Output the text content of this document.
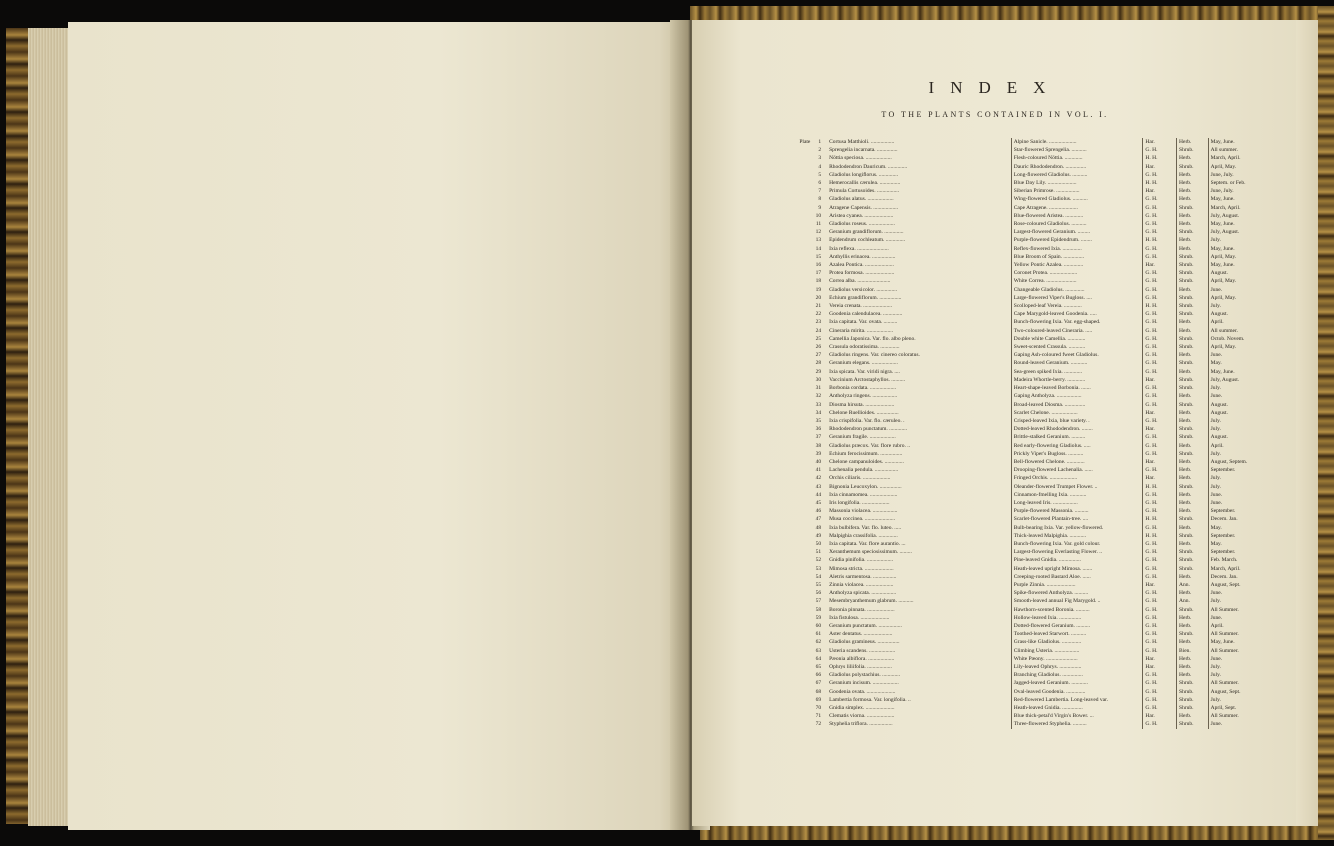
INDEX
TO THE PLANTS CONTAINED IN VOL. I.
Plate 1	Cortusa Matthioli. .................	Alpine Sanicle. ....................	Har.	Herb.	May, June.
2	Sprengelia incarnata. ...............	Star-flowered Sprengelia. ...........	G. H.	Shrub.	All summer.
3	Nöttia speciosa. ...................	Flesh-coloured Nöttia. .............	H. H.	Herb.	March, April.
4	Rhododendron Dauricum. ..............	Dauric Rhododendron. ...............	Har.	Shrub.	April, May.
5	Gladiolus longiflorus. ..............	Long-flowered Gladiolus. ...........	G. H.	Herb.	June, July.
6	Hemerocallis cærulea. ...............	Blue Day Lily. .....................	H. H.	Herb.	Septem. or Feb.
7	Primula Cortusoides. ................	Siberian Primrose. .................	Har.	Herb.	June, July.
8	Gladiolus alatus. ...................	Wing-flowered Gladiolus. ...........	G. H.	Herb.	May, June.
9	Atragene Capensis. ..................	Cape Atragene. .....................	G. H.	Shrub.	March, April.
10	Aristea cyanea. .....................	Blue-flowered Aristea. .............	G. H.	Herb.	July, August.
11	Gladiolus roseus. ...................	Rose-coloured Gladiolus. ...........	G. H.	Herb.	May, June.
12	Geranium grandiflorum. ..............	Largest-flowered Geranium. .........	G. H.	Shrub.	July, August.
13	Epidendrum cochleatum. ..............	Purple-flowered Epidendrum. ........	H. H.	Herb.	July.
14	Ixia reflexa. .......................	Reflex-flowered Ixia. ..............	G. H.	Herb.	May, June.
15	Anthyllis erinacea. .................	Blue Broom of Spain. ...............	G. H.	Shrub.	April, May.
16	Azalea Pontica. .....................	Yellow Pontic Azalea. ..............	Har.	Shrub.	May, June.
17	Protea formosa. .....................	Coronet Protea. ....................	G. H.	Shrub.	August.
18	Correa alba. ........................	White Correa. ......................	G. H.	Shrub.	April, May.
19	Gladiolus versicolor. ...............	Changeable Gladiolus. ..............	G. H.	Herb.	June.
20	Echium grandiflorum. ................	Large-flowered Viper's Bugloss. ....	G. H.	Shrub.	April, May.
21	Vereia crenata. .....................	Scolloped-leaf Vereia. .............	H. H.	Shrub.	July.
22	Goodenia calendulacea. ..............	Cape Marygold-leaved Goodenia. .....	G. H.	Shrub.	August.
23	Ixia capitata. Var. ovata. ..........	Bunch-flowering Ixia. Var. egg-shaped.	G. H.	Herb.	April.
24	Cineraria mirita. ...................	Two-coloured-leaved Cineraria. .....	G. H.	Herb.	All summer.
25	Camellia Japonica. Var. flo. albo pleno.	Double white Camellia. .............	G. H.	Shrub.	Octob. Novem.
26	Crassula odoratissima. ..............	Sweet-scented Crassula. ............	G. H.	Shrub.	April, May.
27	Gladiolus ringens. Var. cinereo coloratus.	Gaping Ash-coloured fweet Gladiolus.	G. H.	Herb.	June.
28	Geranium elegans. ...................	Round-leaved Geranium. ............	G. H.	Shrub.	May.
29	Ixia spicata. Var. viridi nigra. ....	Sea-green spiked Ixia. .............	G. H.	Herb.	May, June.
30	Vaccinium Arctostaphyllos. ..........	Madeira Whortle-berry. .............	Har.	Shrub.	July, August.
31	Borbonia cordata. ...................	Heart-shape-leaved Borbonia. .......	G. H.	Shrub.	July.
32	Antholyza ringens. ..................	Gaping Antholyza. ..................	G. H.	Herb.	June.
33	Diosma hirsuta. .....................	Broad-leaved Diosma. ...............	G. H.	Shrub.	August.
34	Chelone Ruellioides. ................	Scarlet Chelone. ...................	Har.	Herb.	August.
35	Ixia crispifolia. Var. flo. cæruleo. .	Crisped-leaved Ixia, blue variety. .	G. H.	Herb.	July.
36	Rhododendron punctatum. .............	Dotted-leaved Rhododendron. ........	Har.	Shrub.	July.
37	Geranium fragile. ...................	Brittle-stalked Geranium. ..........	G. H.	Shrub.	August.
38	Gladiolus præcox. Var. flore rubro. ..	Red early-flowering Gladiolus. .....	G. H.	Herb.	April.
39	Echium ferocissimum. ................	Prickly Viper's Bugloss. ...........	G. H.	Shrub.	July.
40	Chelone campanuloides. ..............	Bell-flowered Chelone. .............	Har.	Herb.	August, Septem.
41	Lachenalia pendula. .................	Drooping-flowered Lachenalia. ......	G. H.	Herb.	September.
42	Orchis ciliaris. ....................	Fringed Orchis. ....................	Har.	Herb.	July.
43	Bignonia Leucoxylon. ................	Oleander-flowered Trumpet Flower. ..	H. H.	Shrub.	July.
44	Ixia cinnamomea. ....................	Cinnamon-fmelling Ixia. ............	G. H.	Herb.	June.
45	Iris longifolia. ....................	Long-leaved Iris. ..................	G. H.	Herb.	June.
46	Massonia violacea. ..................	Purple-flowered Massonia. ..........	G. H.	Herb.	September.
47	Musa coccinea. ......................	Scarlet-flowered Plantain-tree. ....	H. H.	Shrub.	Decem. Jan.
48	Ixia bulbifera. Var. flo. luteo. .....	Bulb-bearing Ixia. Var. yellow-flowered.	G. H.	Herb.	May.
49	Malpighia crassifolia. ..............	Thick-leaved Malpighia. ............	H. H.	Shrub.	September.
50	Ixia capitata. Var. flore aurantio. ...	Bunch-flowering Ixia. Var. gold colour.	G. H.	Herb.	May.
51	Xeranthemum speciosissimum. .........	Largest-flowering Everlasting Flower. ..	G. H.	Shrub.	September.
52	Gnidia pinifolia. ...................	Pine-leaved Gnidia. ................	G. H.	Shrub.	Feb. March.
53	Mimosa stricta. .....................	Heath-leaved upright Mimosa. .......	G. H.	Shrub.	March, April.
54	Aletris sarmentosa. .................	Creeping-rooted Bastard Aloe. ......	G. H.	Herb.	Decem. Jan.
55	Zinnia violacea. ....................	Purple Zinnia. .....................	Har.	Ann.	August, Sept.
56	Antholyza spicata. ..................	Spike-flowered Antholyza. ..........	G. H.	Herb.	June.
57	Mesembryanthemum glabrum. ...........	Smooth-leaved annual Fig Marygold. ..	G. H.	Ann.	July.
58	Boronia pinnata. ....................	Hawthorn-scented Boronia. ..........	G. H.	Shrub.	All Summer.
59	Ixia fistulosa. .....................	Hollow-leaved Ixia. ................	G. H.	Herb.	June.
60	Geranium punctatum. .................	Dotted-flowered Geranium. ..........	G. H.	Herb.	April.
61	Aster dentatus. .....................	Toothed-leaved Starwort. ...........	G. H.	Shrub.	All Summer.
62	Gladiolus gramineus. ................	Grass-like Gladiolus. ..............	G. H.	Herb.	May, June.
63	Usteria scandens. ...................	Climbing Usteria. ..................	G. H.	Bien.	All Summer.
64	Pæonia albiflora. ...................	White Pæony. .......................	Har.	Herb.	June.
65	Ophrys liliifolia. ..................	Lily-leaved Ophrys. ................	Har.	Herb.	July.
66	Gladiolus polystachius. .............	Branching Gladiolus. ...............	G. H.	Herb.	July.
67	Geranium incisum. ...................	Jagged-leaved Geranium. ............	G. H.	Shrub.	All Summer.
68	Goodenia ovata. .....................	Oval-leaved Goodenia. ..............	G. H.	Shrub.	August, Sept.
69	Lambertia formosa. Var. longifolia. ..	Red-flowered Lambertia. Long-leaved var.	G. H.	Shrub.	July.
70	Gnidia simplex. .....................	Heath-leaved Gnidia. ...............	G. H.	Shrub.	April, Sept.
71	Clematis viorna. ....................	Blue thick-petal'd Virgin's Bower. ...	Har.	Herb.	All Summer.
72	Styphelia triflora. .................	Three-flowered Styphelia. ..........	G. H.	Shrub.	June.
